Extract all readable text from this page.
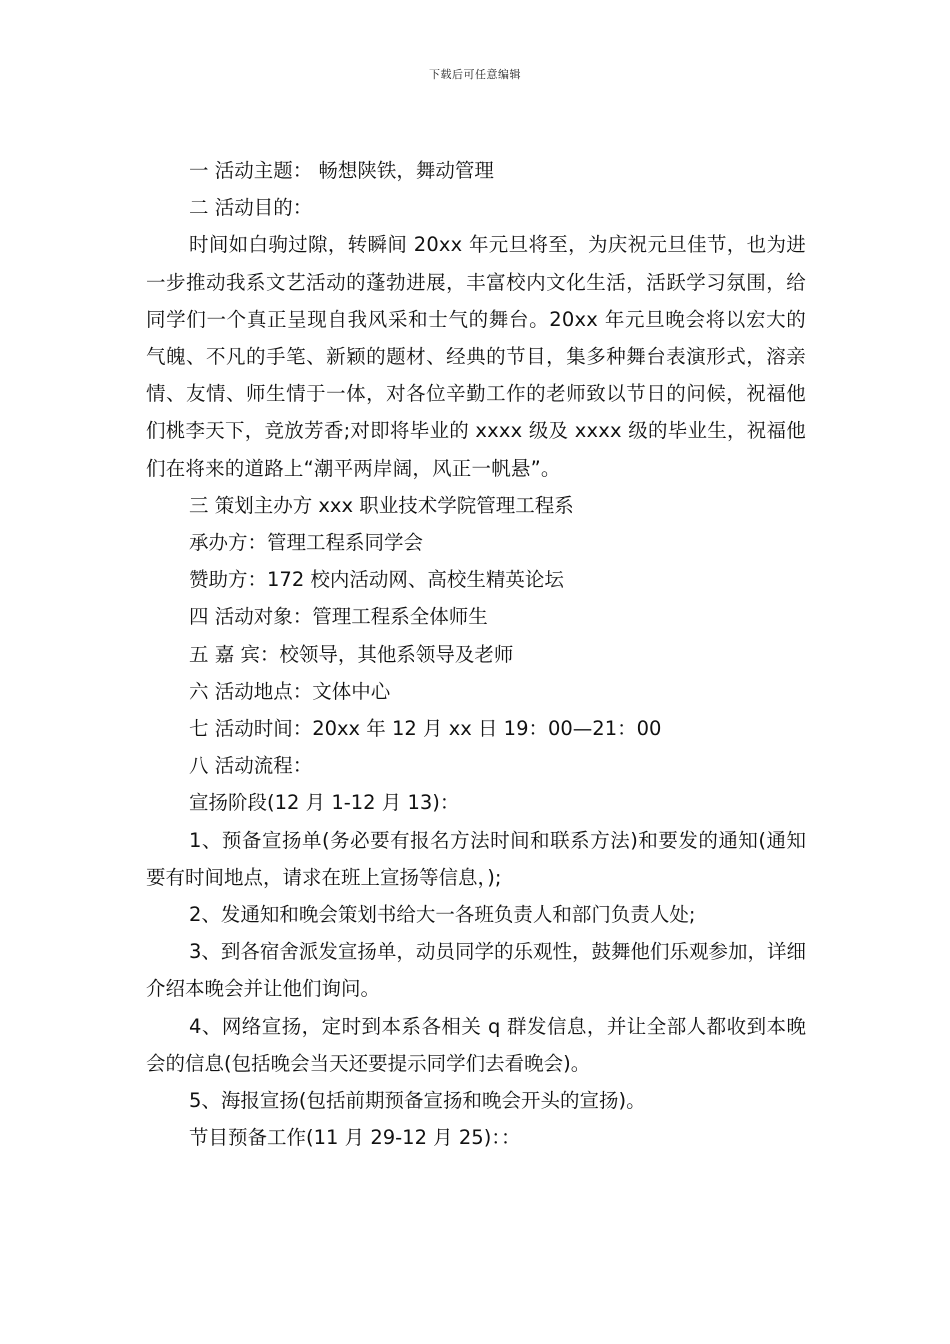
下载后可任意编辑

一 活动主题： 畅想陕铁，舞动管理

二 活动目的：

时间如白驹过隙，转瞬间 20xx 年元旦将至，为庆祝元旦佳节，也为进一步推动我系文艺活动的蓬勃进展，丰富校内文化生活，活跃学习氛围，给同学们一个真正呈现自我风采和士气的舞台。20xx 年元旦晚会将以宏大的气魄、不凡的手笔、新颖的题材、经典的节目，集多种舞台表演形式，溶亲情、友情、师生情于一体，对各位辛勤工作的老师致以节日的问候，祝福他们桃李天下，竞放芳香;对即将毕业的 xxxx 级及 xxxx 级的毕业生，祝福他们在将来的道路上“潮平两岸阔，风正一帆悬”。

三 策划主办方 xxx 职业技术学院管理工程系

承办方：管理工程系同学会

赞助方：172 校内活动网、高校生精英论坛

四 活动对象：管理工程系全体师生

五 嘉 宾：校领导，其他系领导及老师

六 活动地点：文体中心

七 活动时间：20xx 年 12 月 xx 日 19：00—21：00

八 活动流程：

宣扬阶段(12 月 1-12 月 13)：

1、预备宣扬单(务必要有报名方法时间和联系方法)和要发的通知(通知要有时间地点，请求在班上宣扬等信息，);

2、发通知和晚会策划书给大一各班负责人和部门负责人处;

3、到各宿舍派发宣扬单，动员同学的乐观性，鼓舞他们乐观参加，详细介绍本晚会并让他们询问。

4、网络宣扬，定时到本系各相关 q 群发信息，并让全部人都收到本晚会的信息(包括晚会当天还要提示同学们去看晚会)。

5、海报宣扬(包括前期预备宣扬和晚会开头的宣扬)。

节目预备工作(11 月 29-12 月 25)：：
